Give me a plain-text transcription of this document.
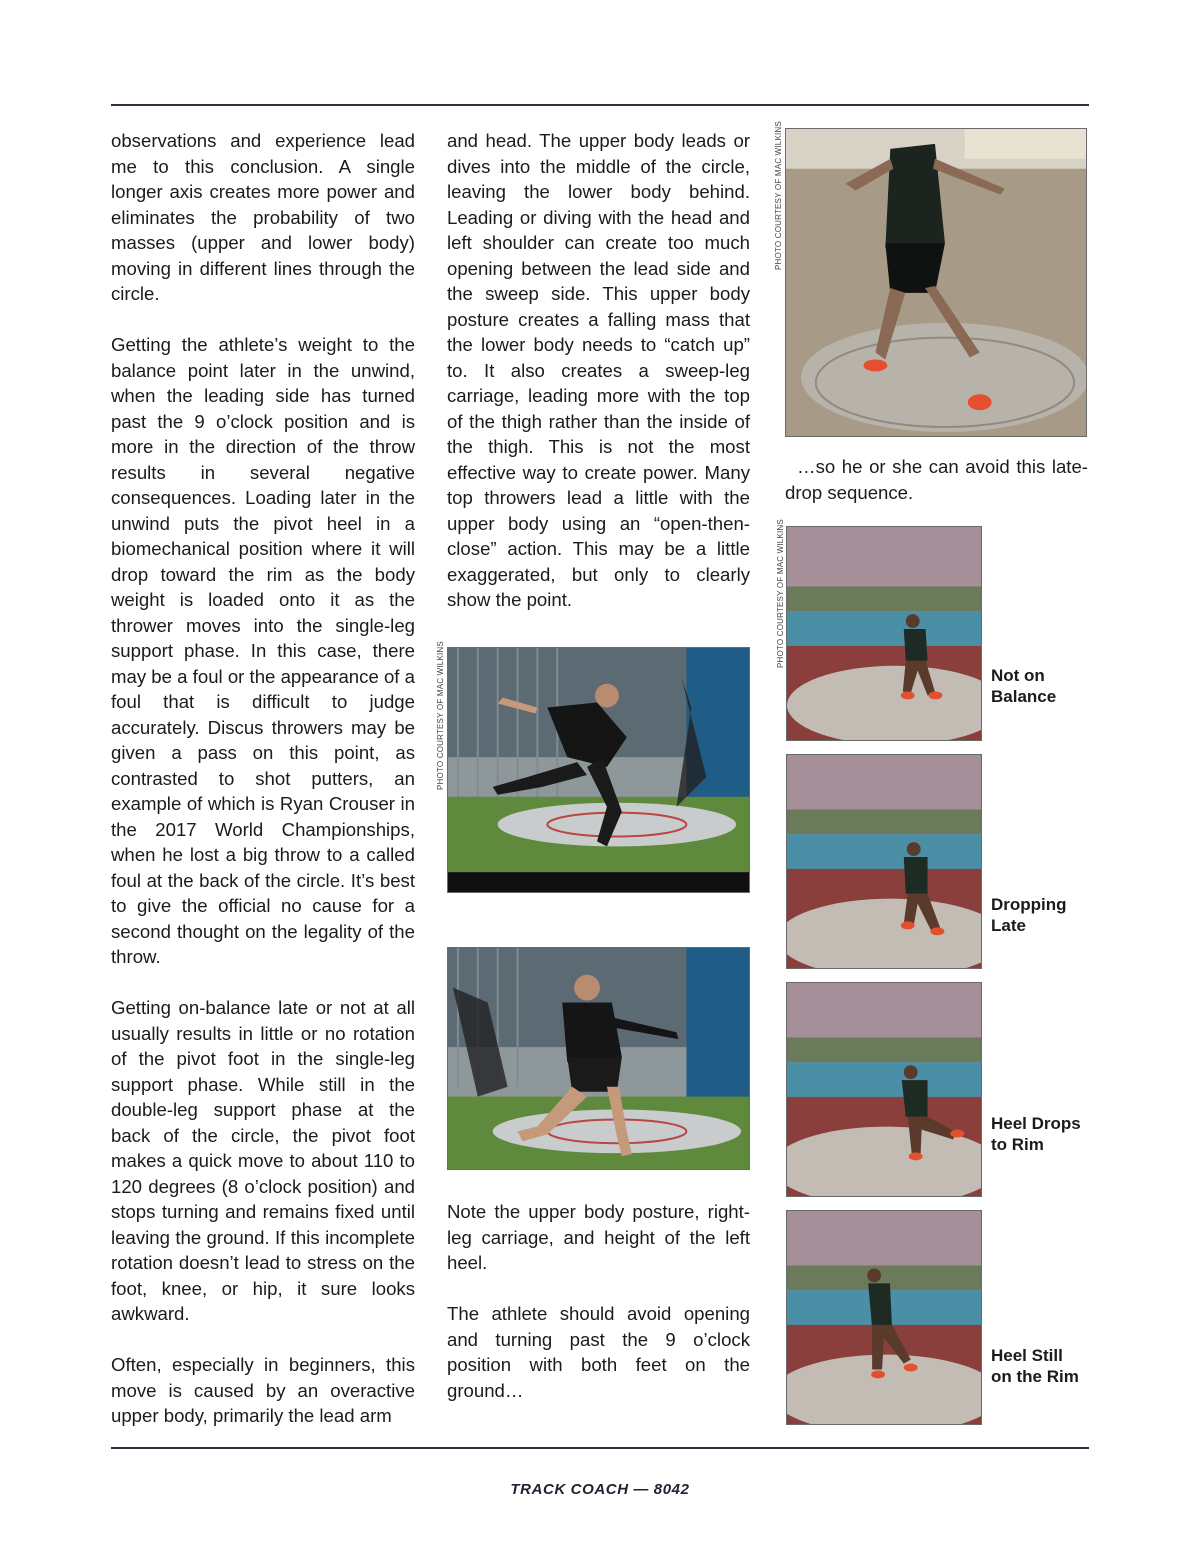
observations and experience lead me to this conclusion. A single longer axis creates more power and eliminates the probability of two masses (upper and lower body) moving in different lines through the circle.

Getting the athlete’s weight to the balance point later in the unwind, when the leading side has turned past the 9 o’clock position and is more in the direction of the throw results in several negative consequences. Loading later in the unwind puts the pivot heel in a biomechanical position where it will drop toward the rim as the body weight is loaded onto it as the thrower moves into the single-leg support phase. In this case, there may be a foul or the appearance of a foul that is difficult to judge accurately. Discus throwers may be given a pass on this point, as contrasted to shot putters, an example of which is Ryan Crouser in the 2017 World Championships, when he lost a big throw to a called foul at the back of the circle. It’s best to give the official no cause for a second thought on the legality of the throw.

Getting on-balance late or not at all usually results in little or no rotation of the pivot foot in the single-leg support phase. While still in the double-leg support phase at the back of the circle, the pivot foot makes a quick move to about 110 to 120 degrees (8 o’clock position) and stops turning and remains fixed until leaving the ground. If this incomplete rotation doesn’t lead to stress on the foot, knee, or hip, it sure looks awkward.

Often, especially in beginners, this move is caused by an overactive upper body, primarily the lead arm

and head. The upper body leads or dives into the middle of the circle, leaving the lower body behind. Leading or diving with the head and left shoulder can create too much opening between the lead side and the sweep side. This upper body posture creates a falling mass that the lower body needs to “catch up” to. It also creates a sweep-leg carriage, leading more with the top of the thigh rather than the inside of the thigh. This is not the most effective way to create power. Many top throwers lead a little with the upper body using an “open-then-close” action. This may be a little exaggerated, but only to clearly show the point.

PHOTO COURTESY OF MAC WILKINS

Note the upper body posture, right-leg carriage, and height of the left heel.

The athlete should avoid opening and turning past the 9 o’clock position with both feet on the ground…

PHOTO COURTESY OF MAC WILKINS

…so he or she can avoid this late-drop sequence.

PHOTO COURTESY OF MAC WILKINS
Not on
Balance
Dropping
Late
Heel Drops
to Rim
Heel Still
on the Rim
TRACK COACH — 8042
